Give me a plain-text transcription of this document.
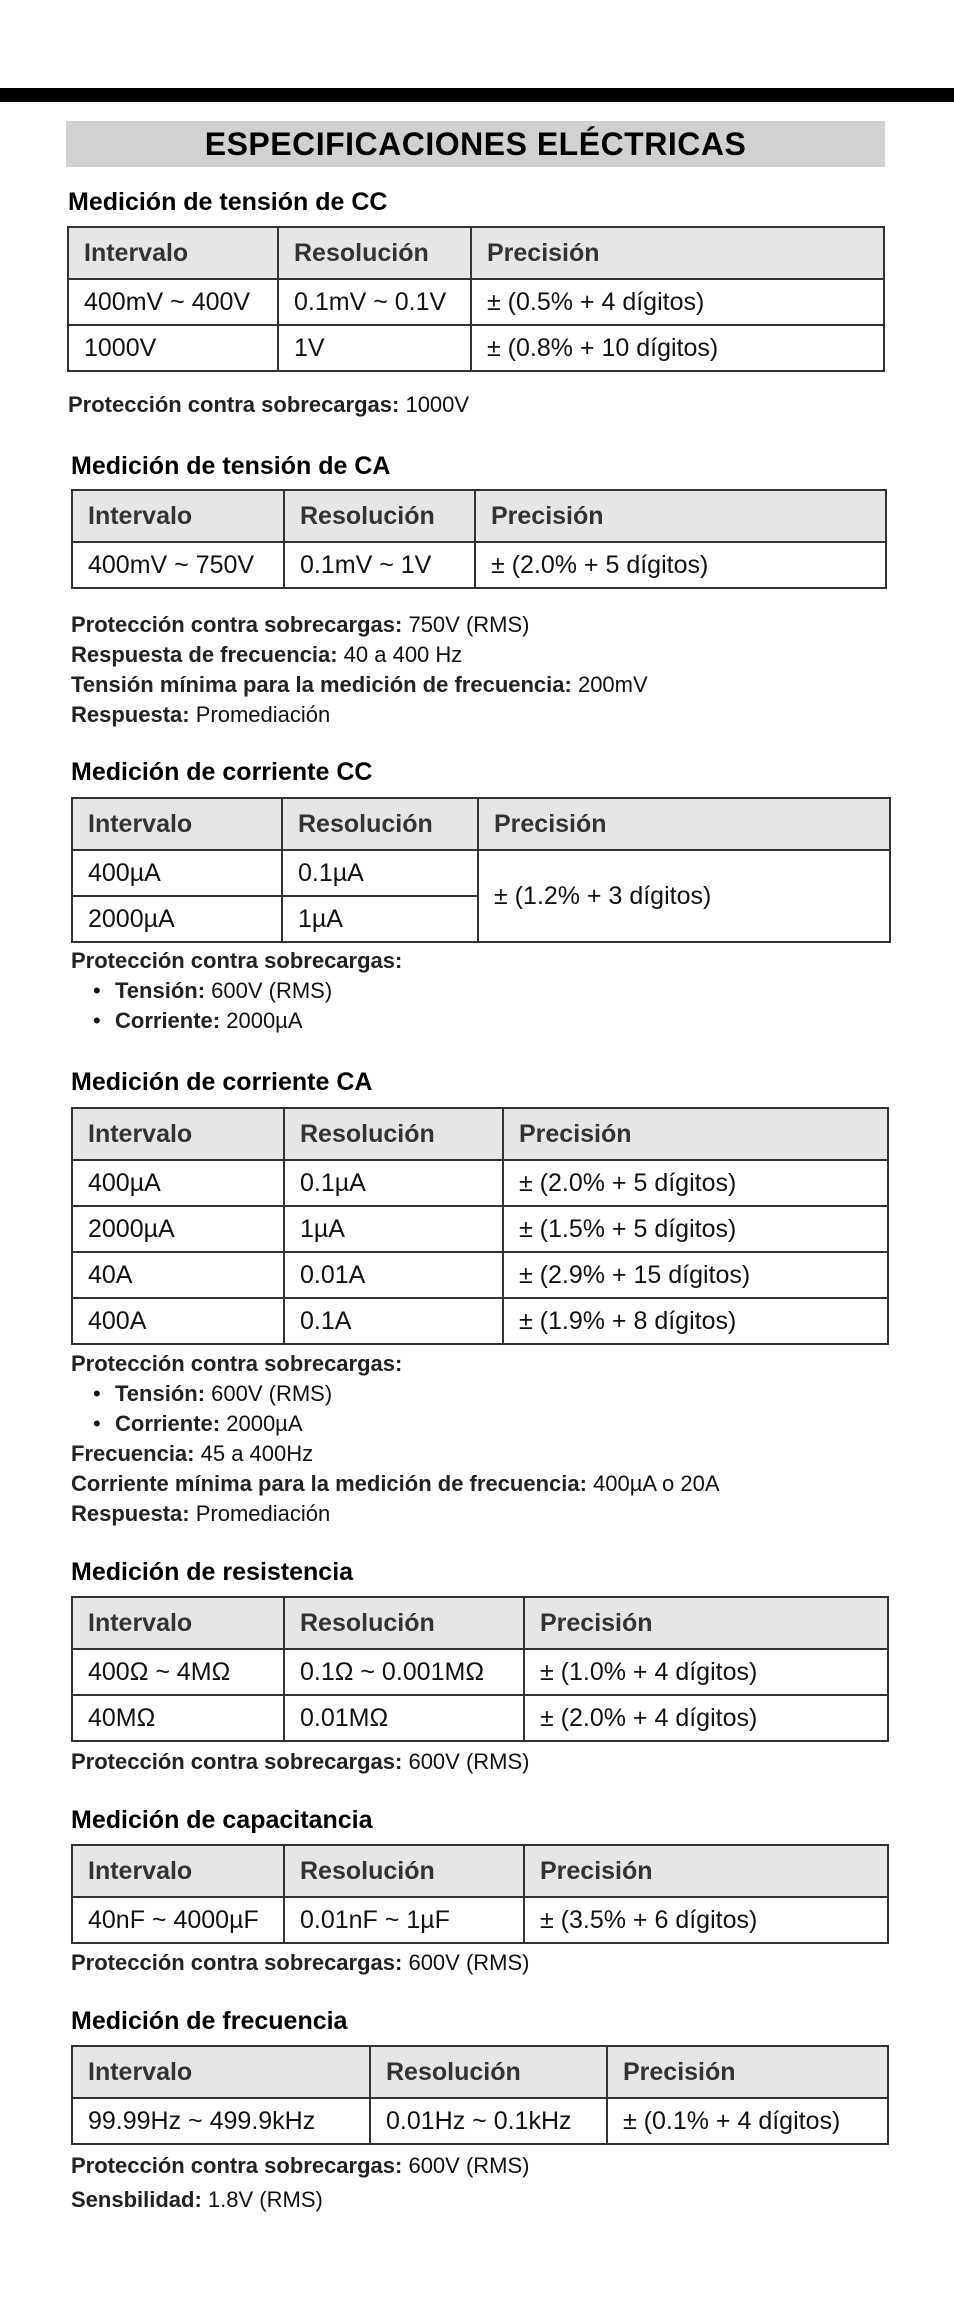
ESPECIFICACIONES ELÉCTRICAS
Medición de tensión de CC
Intervalo	Resolución	Precisión
400mV ~ 400V	0.1mV ~ 0.1V	± (0.5% + 4 dígitos)
1000V	1V	± (0.8% + 10 dígitos)
Protección contra sobrecargas: 1000V
Medición de tensión de CA
Intervalo	Resolución	Precisión
400mV ~ 750V	0.1mV ~ 1V	± (2.0% + 5 dígitos)
Protección contra sobrecargas: 750V (RMS)
Respuesta de frecuencia: 40 a 400 Hz
Tensión mínima para la medición de frecuencia: 200mV
Respuesta: Promediación
Medición de corriente CC
Intervalo	Resolución	Precisión
400µA	0.1µA	± (1.2% + 3 dígitos)
2000µA	1µA	
Protección contra sobrecargas:
• Tensión: 600V (RMS)
• Corriente: 2000µA
Medición de corriente CA
Intervalo	Resolución	Precisión
400µA	0.1µA	± (2.0% + 5 dígitos)
2000µA	1µA	± (1.5% + 5 dígitos)
40A	0.01A	± (2.9% + 15 dígitos)
400A	0.1A	± (1.9% + 8 dígitos)
Protección contra sobrecargas:
• Tensión: 600V (RMS)
• Corriente: 2000µA
Frecuencia: 45 a 400Hz
Corriente mínima para la medición de frecuencia: 400µA o 20A
Respuesta: Promediación
Medición de resistencia
Intervalo	Resolución	Precisión
400Ω ~ 4MΩ	0.1Ω ~ 0.001MΩ	± (1.0% + 4 dígitos)
40MΩ	0.01MΩ	± (2.0% + 4 dígitos)
Protección contra sobrecargas: 600V (RMS)
Medición de capacitancia
Intervalo	Resolución	Precisión
40nF ~ 4000µF	0.01nF ~ 1µF	± (3.5% + 6 dígitos)
Protección contra sobrecargas: 600V (RMS)
Medición de frecuencia
Intervalo	Resolución	Precisión
99.99Hz ~ 499.9kHz	0.01Hz ~ 0.1kHz	± (0.1% + 4 dígitos)
Protección contra sobrecargas: 600V (RMS)
Sensbilidad: 1.8V (RMS)
